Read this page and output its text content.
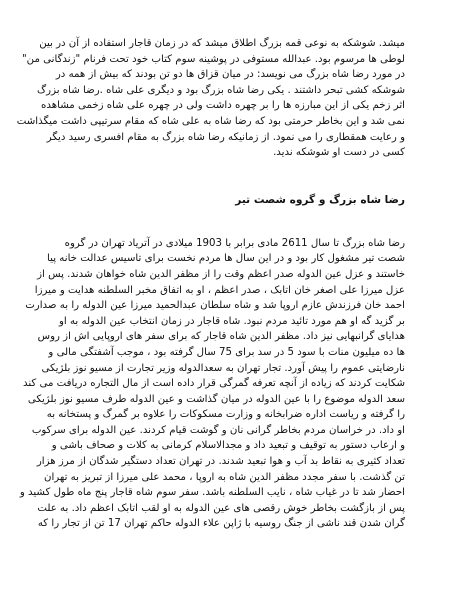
میشد. شوشکه به نوعی قمه بزرگ اطلاق میشد که در زمان قاجار استفاده از آن در بین
لوطی ها مرسوم بود. عبدالله مستوفی در پوشینه سوم کتاب خود تحت فرنام "زندگانی من"
در مورد رضا شاه بزرگ می نویسد: در میان قزاق ها دو تن بودند که بیش از همه در
شوشکه کشی تبحر داشتند . یکی رضا شاه بزرگ بود و دیگری علی شاه .رضا شاه بزرگ
اثر زخم یکی از این مبارزه ها را بر چهره داشت ولی در چهره علی شاه زخمی مشاهده
نمی شد و این بخاطر حرمتی بود که رضا شاه به علی شاه که مقام سرتیپی داشت میگذاشت
و رعایت همقطاری را می نمود. از زمانیکه رضا شاه بزرگ به مقام افسری رسید دیگر
کسی در دست او شوشکه ندید.
رضا شاه بزرگ و گروه شصت تیر
رضا شاه بزرگ تا سال 2611 مادی برابر با 1903 میلادی در آتریاد تهران در گروه
شصت تیر مشغول کار بود و در این سال ها مردم نخست برای تاسیس عدالت خانه پیا
خاستند و عزل عین الدوله صدر اعظم وقت را از مظفر الدین شاه خواهان شدند. پس از
عزل میرزا علی اصغر خان اتابک ، صدر اعظم ، او به اتفاق مخبر السلطنه هدایت و میرزا
احمد خان فرزندش عازم اروپا شد و شاه سلطان عبدالحمید میرزا عین الدوله را به صدارت
بر گزید گه او هم مورد تائید مردم نبود. شاه قاجار در زمان انتخاب عین الدوله به او
هدایای گرانبهایی نیز داد. مظفر الدین شاه قاجار که برای سفر های اروپایی اش از روس
ها ده میلیون منات با سود 5 در سد برای 75 سال گرفته بود ، موجب آشفتگی مالی و
نارضایتی عموم را پیش آورد. تجار تهران به سعدالدوله وزیر تجارت از مسیو نوز بلژیکی
شکایت کردند که زیاده از آنچه تعرفه گمرگی قرار داده است از مال التجاره دریافت می کند
سعد الدوله موضوع را با عین الدوله در میان گذاشت و عین الدوله طرف مسیو نوز بلژیکی
را گرفته و ریاست اداره ضرابخانه و وزارت مسکوکات را علاوه بر گمرگ و پستخانه به
او داد. در خراسان مردم بخاطر گرانی نان و گوشت قیام کردند. عین الدوله برای سرکوب
و ارعاب دستور به توقیف و تبعید داد و مجدالاسلام کرمانی به کلات و صحاف باشی و
تعداد کثیری به نقاط بد آب و هوا تبعید شدند. در تهران تعداد دستگیر شدگان از مرز هزار
تن گذشت. با سفر مجدد مظفر الدین شاه به اروپا ، محمد علی میرزا از تبریز به تهران
احضار شد تا در غیاب شاه ، نایب السلطنه باشد. سفر سوم شاه قاجار پنج ماه طول کشید و
پس از بازگشت بخاطر خوش رقصی های عین الدوله به او لقب اتابک اعظم داد. به علت
گران شدن قند ناشی از جنگ روسیه با ژاپن علاء الدوله حاکم تهران 17 تن از تجار را که
